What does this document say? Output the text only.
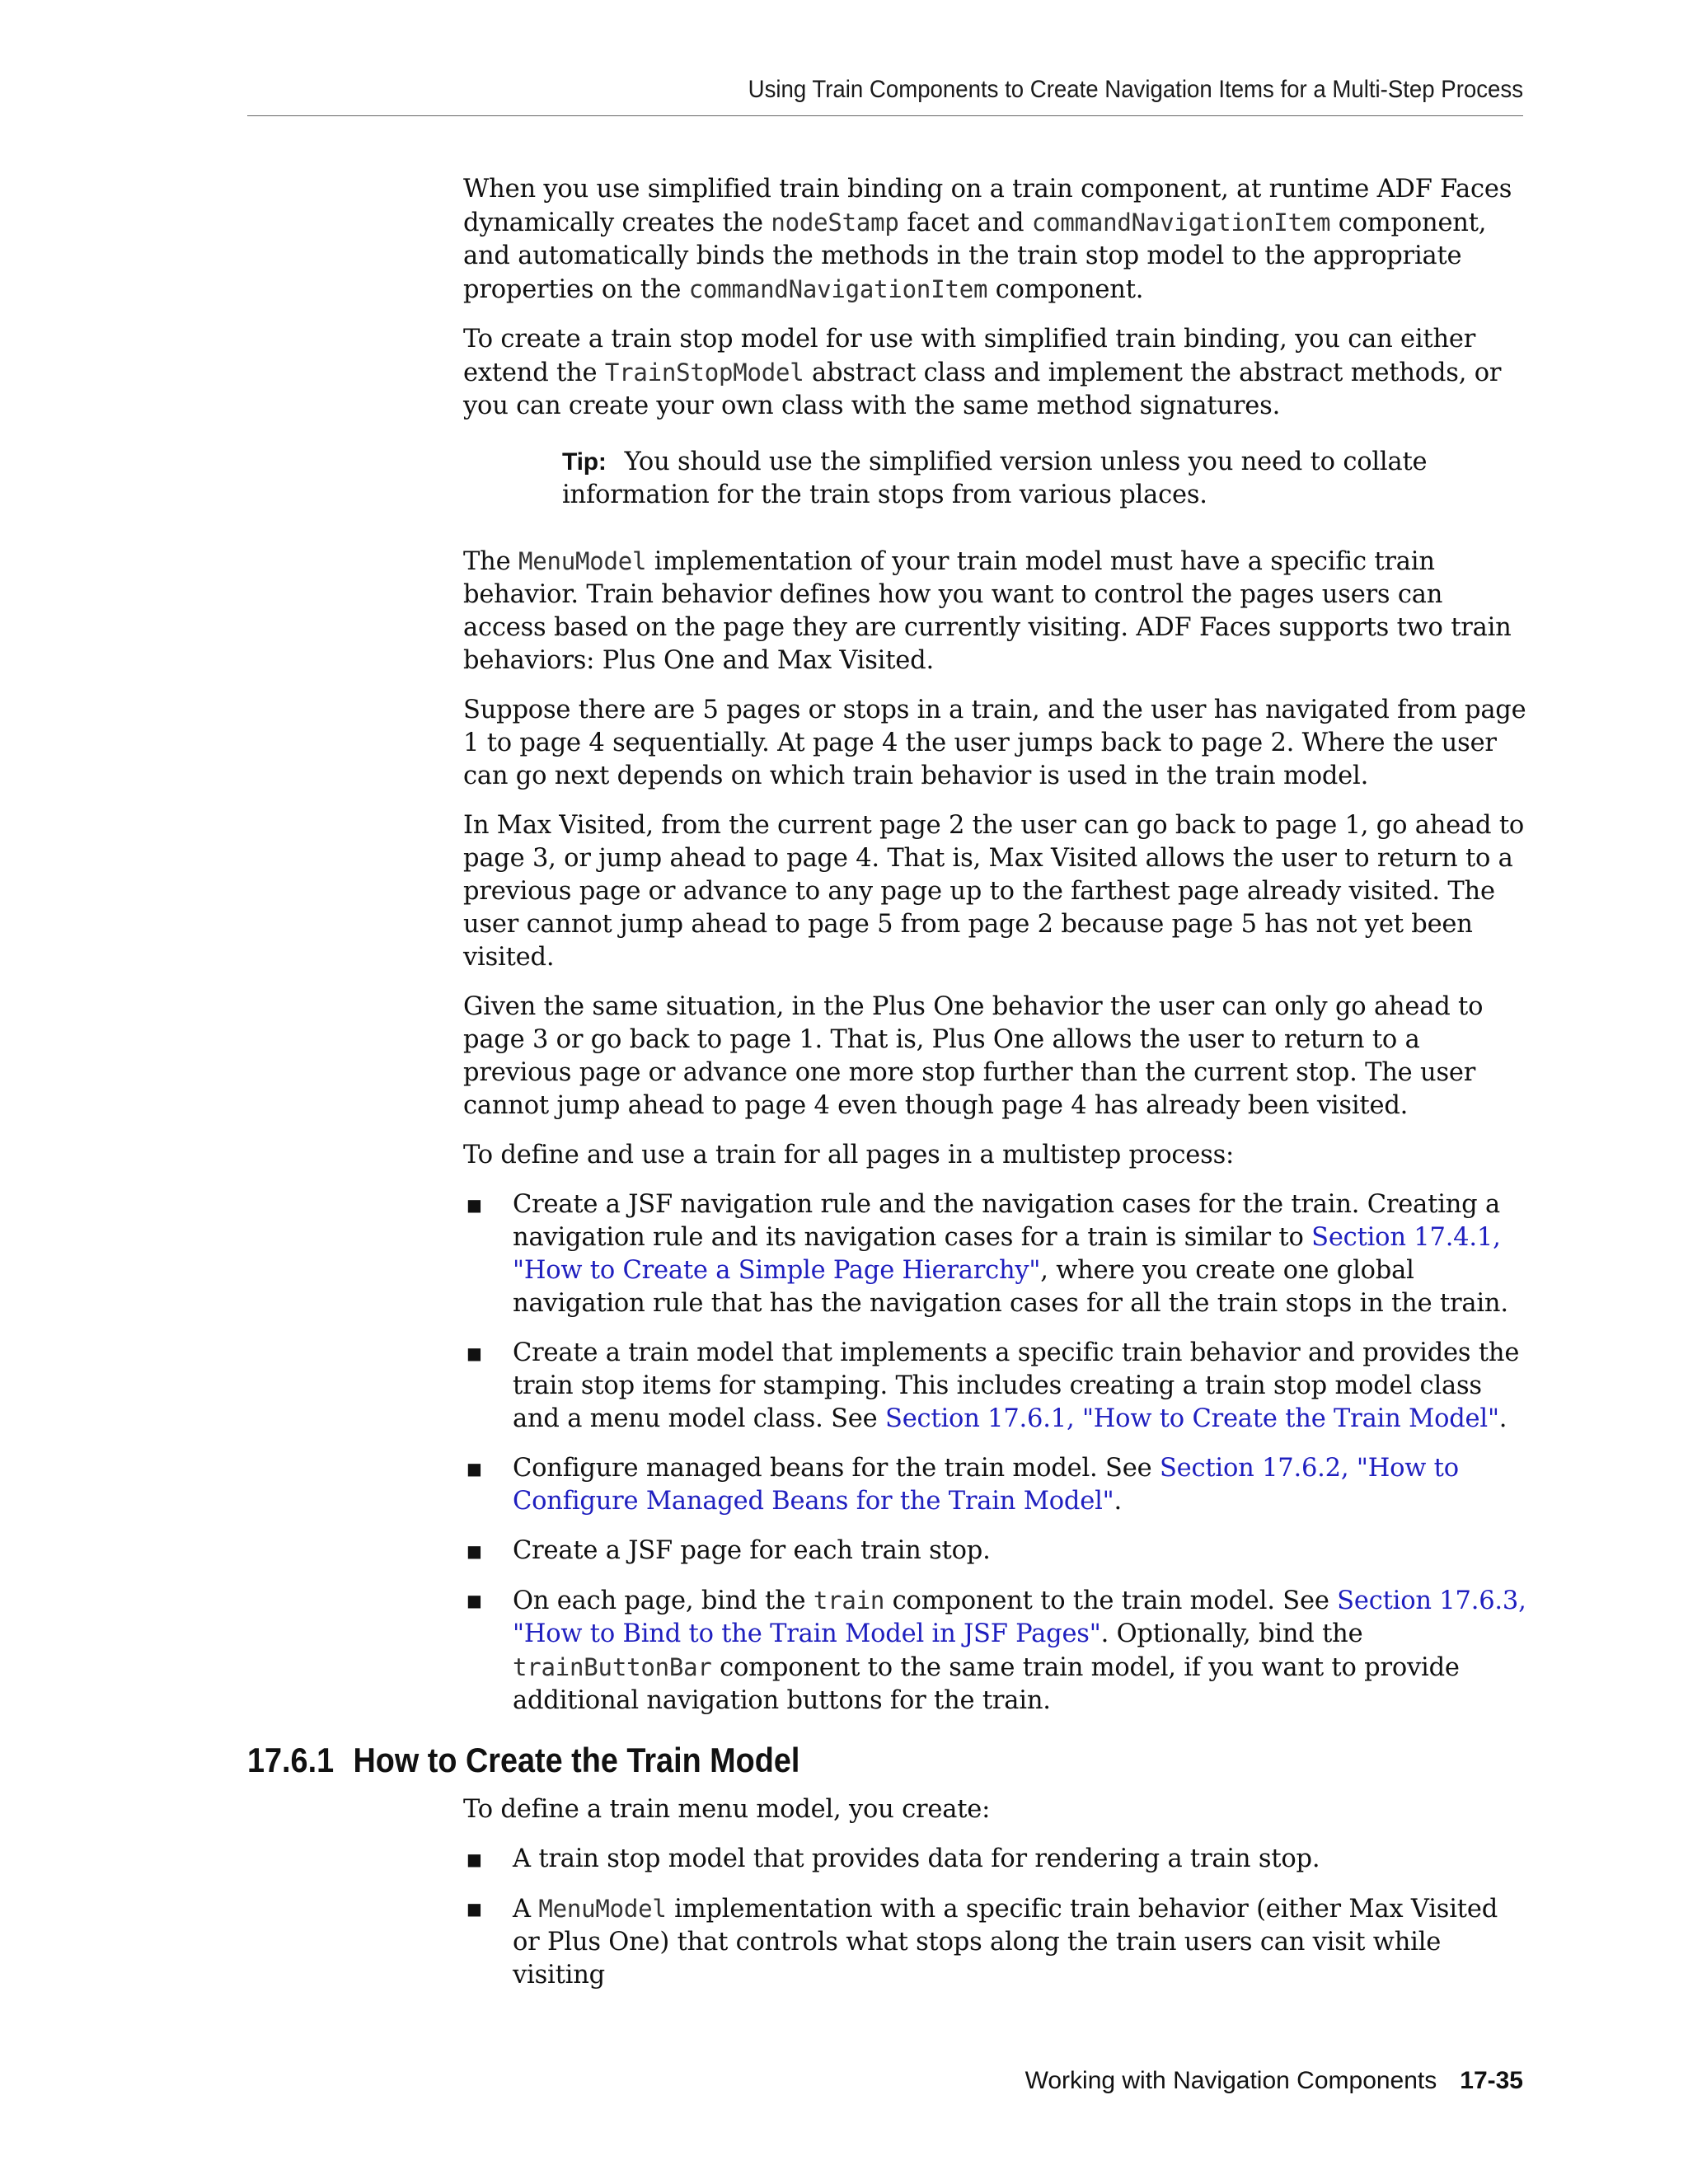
Using Train Components to Create Navigation Items for a Multi-Step Process

When you use simplified train binding on a train component, at runtime ADF Faces dynamically creates the nodeStamp facet and commandNavigationItem component, and automatically binds the methods in the train stop model to the appropriate properties on the commandNavigationItem component.

To create a train stop model for use with simplified train binding, you can either extend the TrainStopModel abstract class and implement the abstract methods, or you can create your own class with the same method signatures.

Tip: You should use the simplified version unless you need to collate information for the train stops from various places.

The MenuModel implementation of your train model must have a specific train behavior. Train behavior defines how you want to control the pages users can access based on the page they are currently visiting. ADF Faces supports two train behaviors: Plus One and Max Visited.

Suppose there are 5 pages or stops in a train, and the user has navigated from page 1 to page 4 sequentially. At page 4 the user jumps back to page 2. Where the user can go next depends on which train behavior is used in the train model.

In Max Visited, from the current page 2 the user can go back to page 1, go ahead to page 3, or jump ahead to page 4. That is, Max Visited allows the user to return to a previous page or advance to any page up to the farthest page already visited. The user cannot jump ahead to page 5 from page 2 because page 5 has not yet been visited.

Given the same situation, in the Plus One behavior the user can only go ahead to page 3 or go back to page 1. That is, Plus One allows the user to return to a previous page or advance one more stop further than the current stop. The user cannot jump ahead to page 4 even though page 4 has already been visited.

To define and use a train for all pages in a multistep process:

■ Create a JSF navigation rule and the navigation cases for the train. Creating a navigation rule and its navigation cases for a train is similar to Section 17.4.1, "How to Create a Simple Page Hierarchy", where you create one global navigation rule that has the navigation cases for all the train stops in the train.
■ Create a train model that implements a specific train behavior and provides the train stop items for stamping. This includes creating a train stop model class and a menu model class. See Section 17.6.1, "How to Create the Train Model".
■ Configure managed beans for the train model. See Section 17.6.2, "How to Configure Managed Beans for the Train Model".
■ Create a JSF page for each train stop.
■ On each page, bind the train component to the train model. See Section 17.6.3, "How to Bind to the Train Model in JSF Pages". Optionally, bind the trainButtonBar component to the same train model, if you want to provide additional navigation buttons for the train.
17.6.1 How to Create the Train Model

To define a train menu model, you create:

■ A train stop model that provides data for rendering a train stop.
■ A MenuModel implementation with a specific train behavior (either Max Visited or Plus One) that controls what stops along the train users can visit while visiting
Working with Navigation Components 17-35
